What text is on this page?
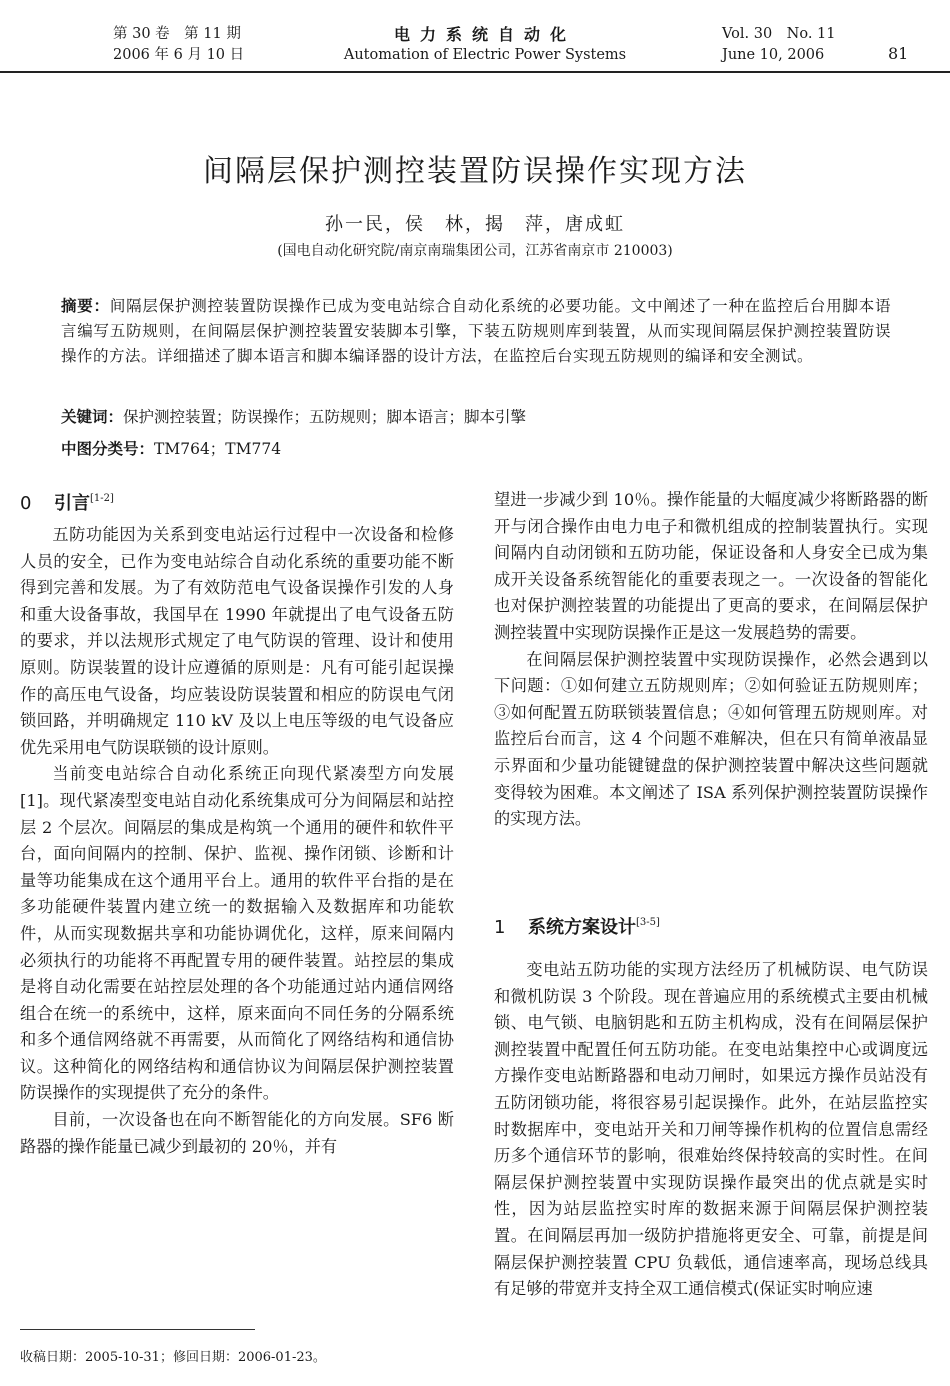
第 30 卷　第 11 期
2006 年 6 月 10 日
电力系统自动化
Automation of Electric Power Systems
Vol. 30　No. 11
June 10, 2006	81
间隔层保护测控装置防误操作实现方法
孙一民，侯　林，揭　萍，唐成虹
(国电自动化研究院/南京南瑞集团公司，江苏省南京市 210003)
摘要：间隔层保护测控装置防误操作已成为变电站综合自动化系统的必要功能。文中阐述了一种在监控后台用脚本语言编写五防规则，在间隔层保护测控装置安装脚本引擎，下装五防规则库到装置，从而实现间隔层保护测控装置防误操作的方法。详细描述了脚本语言和脚本编译器的设计方法，在监控后台实现五防规则的编译和安全测试。
关键词：保护测控装置；防误操作；五防规则；脚本语言；脚本引擎
中图分类号：TM764；TM774
0 引言[1-2]

五防功能因为关系到变电站运行过程中一次设备和检修人员的安全，已作为变电站综合自动化系统的重要功能不断得到完善和发展。为了有效防范电气设备误操作引发的人身和重大设备事故，我国早在 1990 年就提出了电气设备五防的要求，并以法规形式规定了电气防误的管理、设计和使用原则。防误装置的设计应遵循的原则是：凡有可能引起误操作的高压电气设备，均应装设防误装置和相应的防误电气闭锁回路，并明确规定 110 kV 及以上电压等级的电气设备应优先采用电气防误联锁的设计原则。

当前变电站综合自动化系统正向现代紧凑型方向发展[1]。现代紧凑型变电站自动化系统集成可分为间隔层和站控层 2 个层次。间隔层的集成是构筑一个通用的硬件和软件平台，面向间隔内的控制、保护、监视、操作闭锁、诊断和计量等功能集成在这个通用平台上。通用的软件平台指的是在多功能硬件装置内建立统一的数据输入及数据库和功能软件，从而实现数据共享和功能协调优化，这样，原来间隔内必须执行的功能将不再配置专用的硬件装置。站控层的集成是将自动化需要在站控层处理的各个功能通过站内通信网络组合在统一的系统中，这样，原来面向不同任务的分隔系统和多个通信网络就不再需要，从而简化了网络结构和通信协议。这种简化的网络结构和通信协议为间隔层保护测控装置防误操作的实现提供了充分的条件。

目前，一次设备也在向不断智能化的方向发展。SF6 断路器的操作能量已减少到最初的 20％，并有

望进一步减少到 10％。操作能量的大幅度减少将断路器的断开与闭合操作由电力电子和微机组成的控制装置执行。实现间隔内自动闭锁和五防功能，保证设备和人身安全已成为集成开关设备系统智能化的重要表现之一。一次设备的智能化也对保护测控装置的功能提出了更高的要求，在间隔层保护测控装置中实现防误操作正是这一发展趋势的需要。

在间隔层保护测控装置中实现防误操作，必然会遇到以下问题：①如何建立五防规则库；②如何验证五防规则库；③如何配置五防联锁装置信息；④如何管理五防规则库。对监控后台而言，这 4 个问题不难解决，但在只有简单液晶显示界面和少量功能键键盘的保护测控装置中解决这些问题就变得较为困难。本文阐述了 ISA 系列保护测控装置防误操作的实现方法。

1 系统方案设计[3-5]

变电站五防功能的实现方法经历了机械防误、电气防误和微机防误 3 个阶段。现在普遍应用的系统模式主要由机械锁、电气锁、电脑钥匙和五防主机构成，没有在间隔层保护测控装置中配置任何五防功能。在变电站集控中心或调度远方操作变电站断路器和电动刀闸时，如果远方操作员站没有五防闭锁功能，将很容易引起误操作。此外，在站层监控实时数据库中，变电站开关和刀闸等操作机构的位置信息需经历多个通信环节的影响，很难始终保持较高的实时性。在间隔层保护测控装置中实现防误操作最突出的优点就是实时性，因为站层监控实时库的数据来源于间隔层保护测控装置。在间隔层再加一级防护措施将更安全、可靠，前提是间隔层保护测控装置 CPU 负载低，通信速率高，现场总线具有足够的带宽并支持全双工通信模式(保证实时响应速

收稿日期：2005-10-31；修回日期：2006-01-23。
